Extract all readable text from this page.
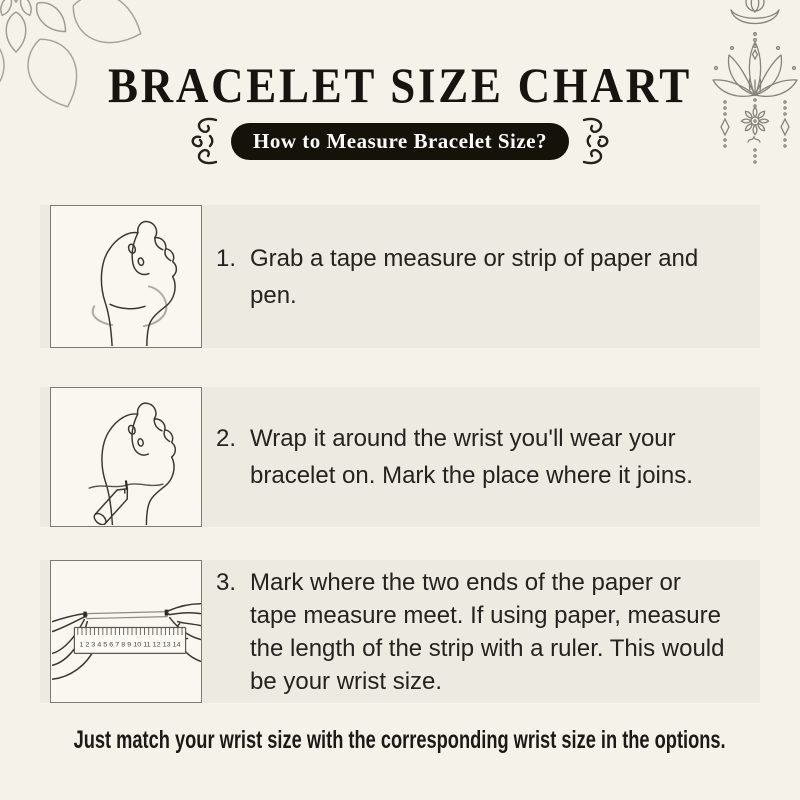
BRACELET SIZE CHART
How to Measure Bracelet Size?
1. Grab a tape measure or strip of paper and
pen.
2. Wrap it around the wrist you'll wear your
bracelet on. Mark the place where it joins.
1 2 3 4 5 6 7 8 9 10 11 12 13 14
3. Mark where the two ends of the paper or
tape measure meet. If using paper, measure
the length of the strip with a ruler. This would
be your wrist size.
Just match your wrist size with the corresponding wrist size in the options.
